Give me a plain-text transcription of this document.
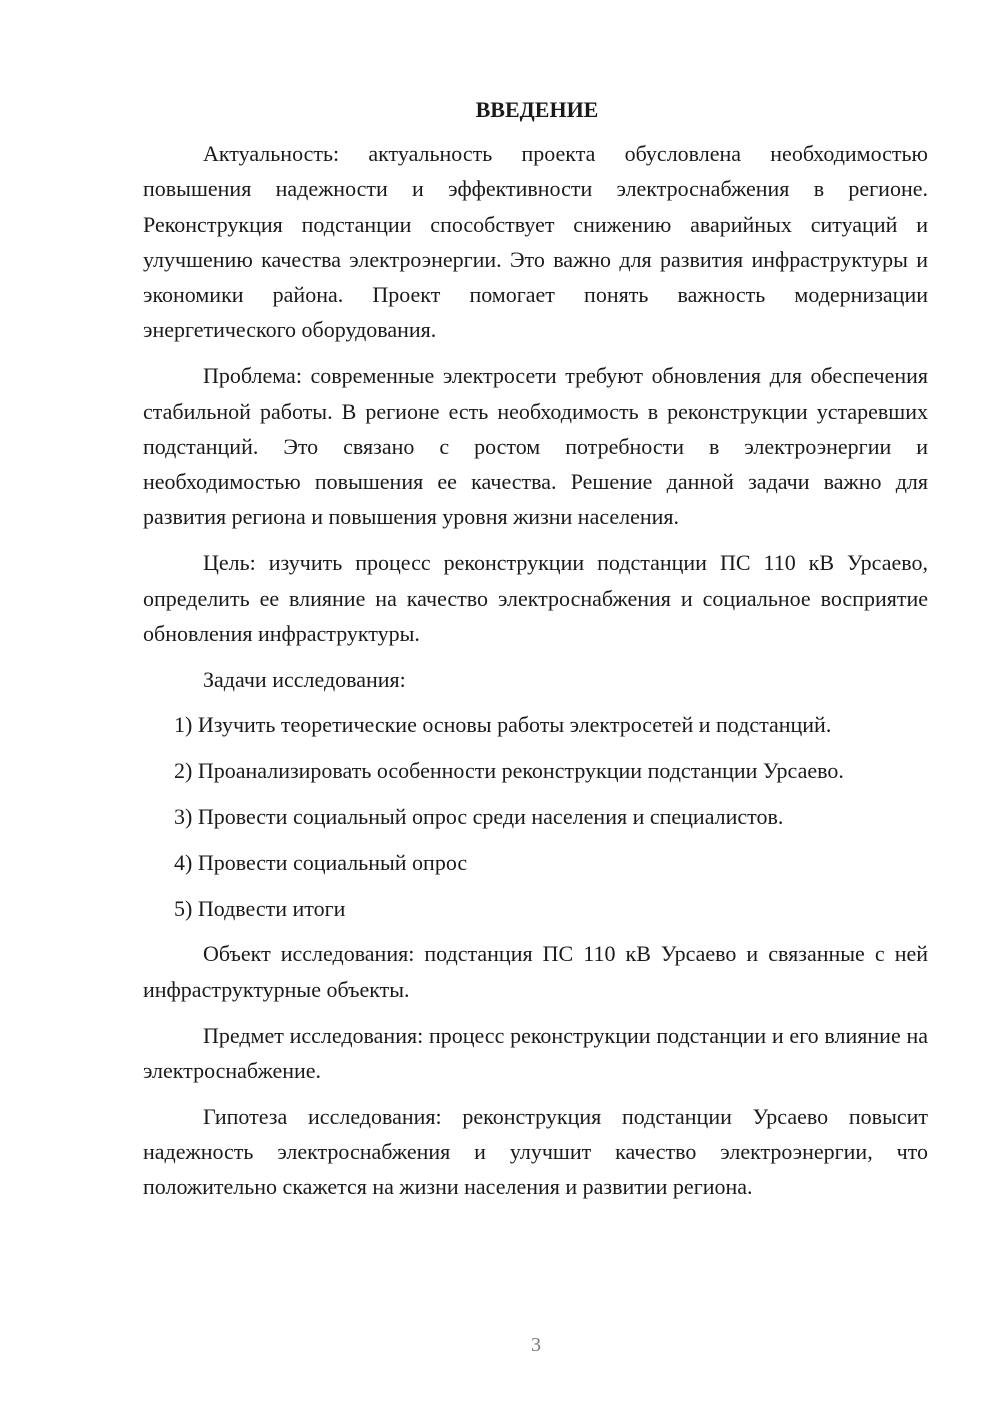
ВВЕДЕНИЕ

Актуальность: актуальность проекта обусловлена необходимостью повышения надежности и эффективности электроснабжения в регионе. Реконструкция подстанции способствует снижению аварийных ситуаций и улучшению качества электроэнергии. Это важно для развития инфраструктуры и экономики района. Проект помогает понять важность модернизации энергетического оборудования.

Проблема: современные электросети требуют обновления для обеспечения стабильной работы. В регионе есть необходимость в реконструкции устаревших подстанций. Это связано с ростом потребности в электроэнергии и необходимостью повышения ее качества. Решение данной задачи важно для развития региона и повышения уровня жизни населения.

Цель: изучить процесс реконструкции подстанции ПС 110 кВ Урсаево, определить ее влияние на качество электроснабжения и социальное восприятие обновления инфраструктуры.

Задачи исследования:

1) Изучить теоретические основы работы электросетей и подстанций.

2) Проанализировать особенности реконструкции подстанции Урсаево.

3) Провести социальный опрос среди населения и специалистов.

4) Провести социальный опрос

5) Подвести итоги

Объект исследования: подстанция ПС 110 кВ Урсаево и связанные с ней инфраструктурные объекты.

Предмет исследования: процесс реконструкции подстанции и его влияние на электроснабжение.

Гипотеза исследования: реконструкция подстанции Урсаево повысит надежность электроснабжения и улучшит качество электроэнергии, что положительно скажется на жизни населения и развитии региона.

3
